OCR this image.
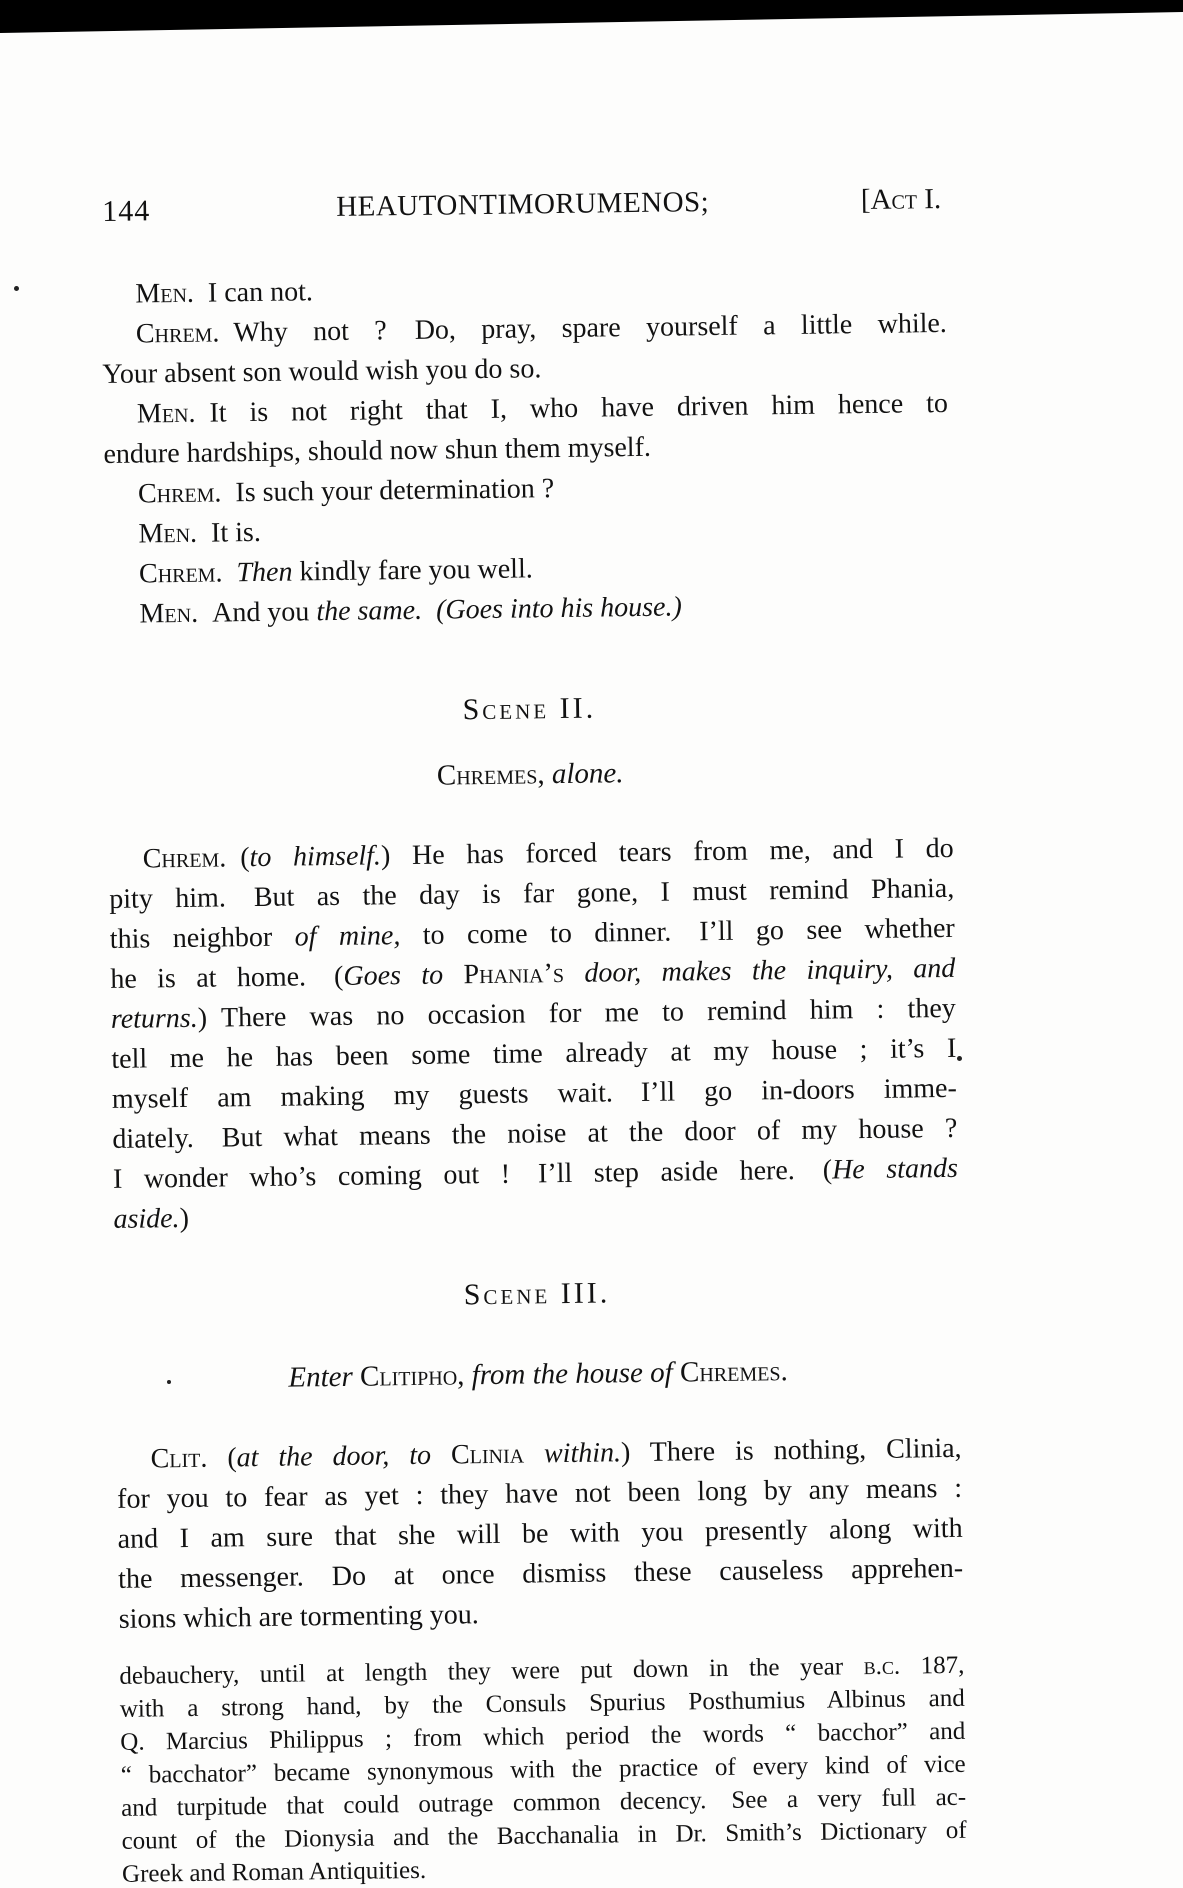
144	HEAUTONTIMORUMENOS;	[Act I.
Men. I can not.
Chrem. Why not ? Do, pray, spare yourself a little while.
Your absent son would wish you do so.
Men. It is not right that I, who have driven him hence to
endure hardships, should now shun them myself.
Chrem. Is such your determination ?
Men. It is.
Chrem.  Then kindly fare you well.
Men. And you the same.  (Goes into his house.)
Scene II.
Chremes, alone.
Chrem. (to himself.) He has forced tears from me, and I do
pity him. But as the day is far gone, I must remind Phania,
this neighbor of mine, to come to dinner. I’ll go see whether
he is at home. (Goes to Phania’s door, makes the inquiry, and
returns.) There was no occasion for me to remind him : they
tell me he has been some time already at my house ; it’s I
myself am making my guests wait. I’ll go in-doors imme-
diately. But what means the noise at the door of my house ?
I wonder who’s coming out ! I’ll step aside here. (He stands
aside.)
Scene III.
Enter Clitipho, from the house of Chremes.
Clit. (at the door, to Clinia within.) There is nothing, Clinia,
for you to fear as yet : they have not been long by any means :
and I am sure that she will be with you presently along with
the messenger. Do at once dismiss these causeless apprehen-
sions which are tormenting you.
debauchery, until at length they were put down in the year b.c. 187,
with a strong hand, by the Consuls Spurius Posthumius Albinus and
Q. Marcius Philippus ; from which period the words “ bacchor” and
“ bacchator” became synonymous with the practice of every kind of vice
and turpitude that could outrage common decency. See a very full ac-
count of the Dionysia and the Bacchanalia in Dr. Smith’s Dictionary of
Greek and Roman Antiquities.
